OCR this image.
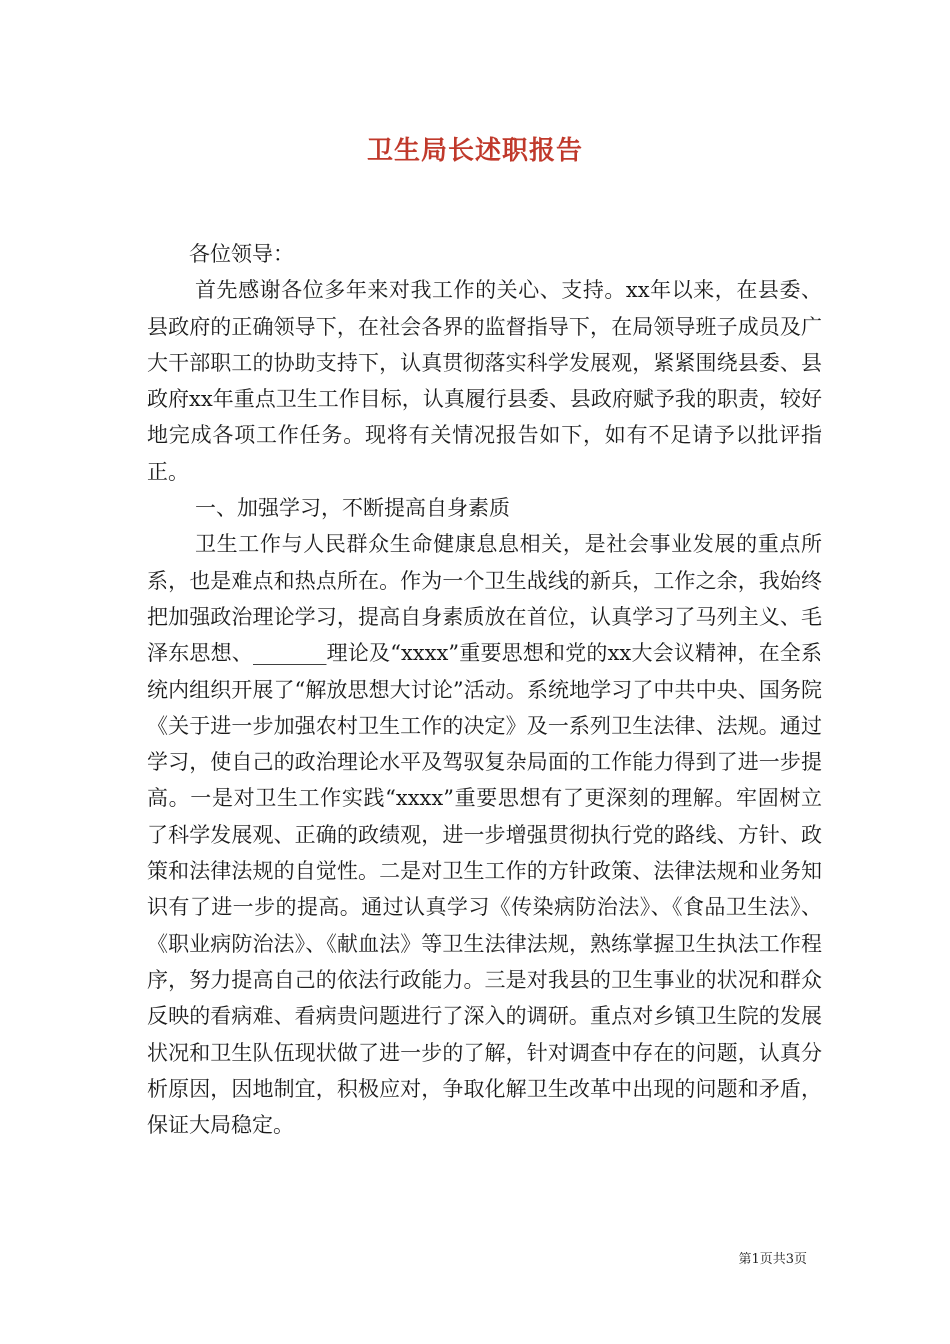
卫生局长述职报告

各位领导：

首先感谢各位多年来对我工作的关心、支持。xx年以来，在县委、县政府的正确领导下，在社会各界的监督指导下，在局领导班子成员及广大干部职工的协助支持下，认真贯彻落实科学发展观，紧紧围绕县委、县政府xx年重点卫生工作目标，认真履行县委、县政府赋予我的职责，较好地完成各项工作任务。现将有关情况报告如下，如有不足请予以批评指正。

一、加强学习，不断提高自身素质

卫生工作与人民群众生命健康息息相关，是社会事业发展的重点所系，也是难点和热点所在。作为一个卫生战线的新兵，工作之余，我始终把加强政治理论学习，提高自身素质放在首位，认真学习了马列主义、毛泽东思想、_______理论及“xxxx”重要思想和党的xx大会议精神，在全系统内组织开展了“解放思想大讨论”活动。系统地学习了中共中央、国务院《关于进一步加强农村卫生工作的决定》及一系列卫生法律、法规。通过学习，使自己的政治理论水平及驾驭复杂局面的工作能力得到了进一步提高。一是对卫生工作实践“xxxx”重要思想有了更深刻的理解。牢固树立了科学发展观、正确的政绩观，进一步增强贯彻执行党的路线、方针、政策和法律法规的自觉性。二是对卫生工作的方针政策、法律法规和业务知识有了进一步的提高。通过认真学习《传染病防治法》、《食品卫生法》、《职业病防治法》、《献血法》等卫生法律法规，熟练掌握卫生执法工作程序，努力提高自己的依法行政能力。三是对我县的卫生事业的状况和群众反映的看病难、看病贵问题进行了深入的调研。重点对乡镇卫生院的发展状况和卫生队伍现状做了进一步的了解，针对调查中存在的问题，认真分析原因，因地制宜，积极应对，争取化解卫生改革中出现的问题和矛盾，保证大局稳定。

第1页共3页
